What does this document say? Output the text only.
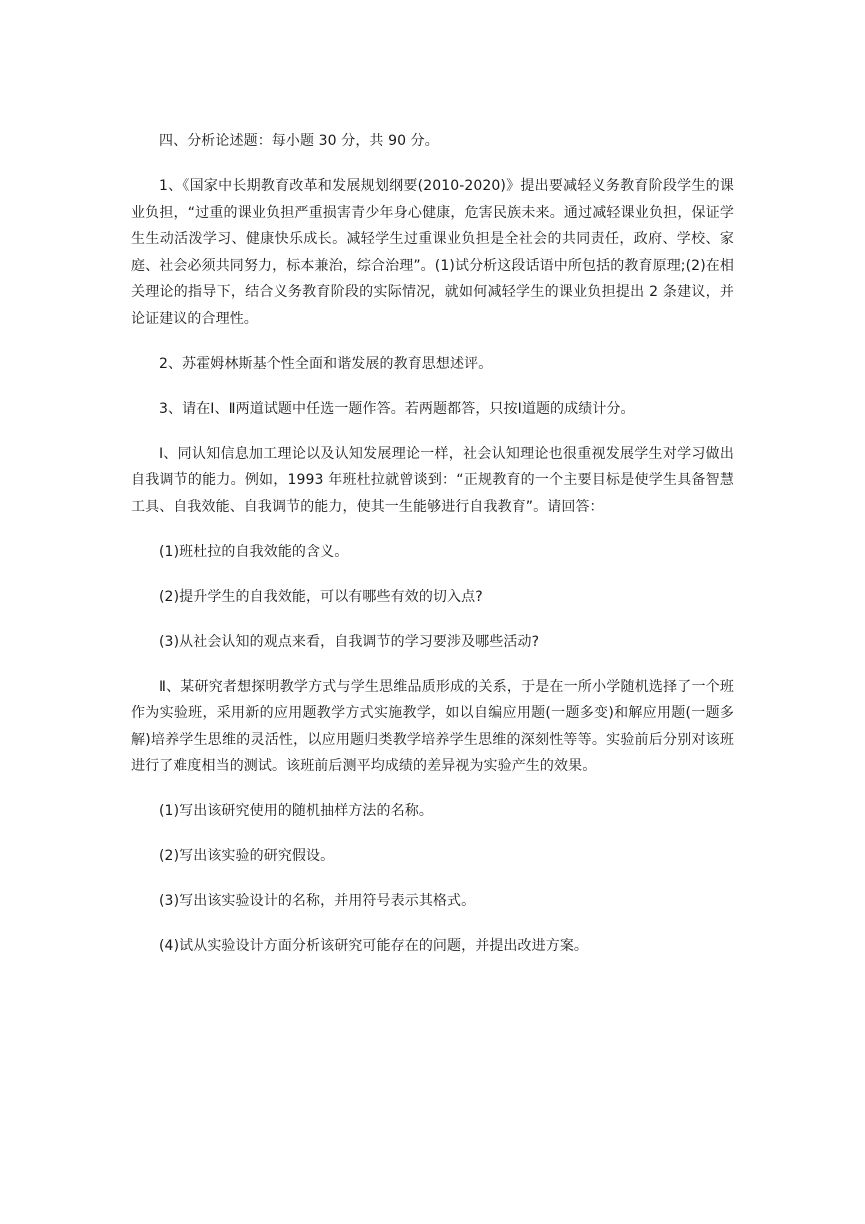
四、分析论述题：每小题 30 分，共 90 分。

1、《国家中长期教育改革和发展规划纲要(2010-2020)》提出要减轻义务教育阶段学生的课业负担，“过重的课业负担严重损害青少年身心健康，危害民族未来。通过减轻课业负担，保证学生生动活泼学习、健康快乐成长。减轻学生过重课业负担是全社会的共同责任，政府、学校、家庭、社会必须共同努力，标本兼治，综合治理”。(1)试分析这段话语中所包括的教育原理;(2)在相关理论的指导下，结合义务教育阶段的实际情况，就如何减轻学生的课业负担提出 2 条建议，并论证建议的合理性。

2、苏霍姆林斯基个性全面和谐发展的教育思想述评。

3、请在Ⅰ、Ⅱ两道试题中任选一题作答。若两题都答，只按Ⅰ道题的成绩计分。

Ⅰ、同认知信息加工理论以及认知发展理论一样，社会认知理论也很重视发展学生对学习做出自我调节的能力。例如，1993 年班杜拉就曾谈到：“正规教育的一个主要目标是使学生具备智慧工具、自我效能、自我调节的能力，使其一生能够进行自我教育”。请回答：

(1)班杜拉的自我效能的含义。

(2)提升学生的自我效能，可以有哪些有效的切入点?

(3)从社会认知的观点来看，自我调节的学习要涉及哪些活动?

Ⅱ、某研究者想探明教学方式与学生思维品质形成的关系，于是在一所小学随机选择了一个班作为实验班，采用新的应用题教学方式实施教学，如以自编应用题(一题多变)和解应用题(一题多解)培养学生思维的灵活性，以应用题归类教学培养学生思维的深刻性等等。实验前后分别对该班进行了难度相当的测试。该班前后测平均成绩的差异视为实验产生的效果。

(1)写出该研究使用的随机抽样方法的名称。

(2)写出该实验的研究假设。

(3)写出该实验设计的名称，并用符号表示其格式。

(4)试从实验设计方面分析该研究可能存在的问题，并提出改进方案。
